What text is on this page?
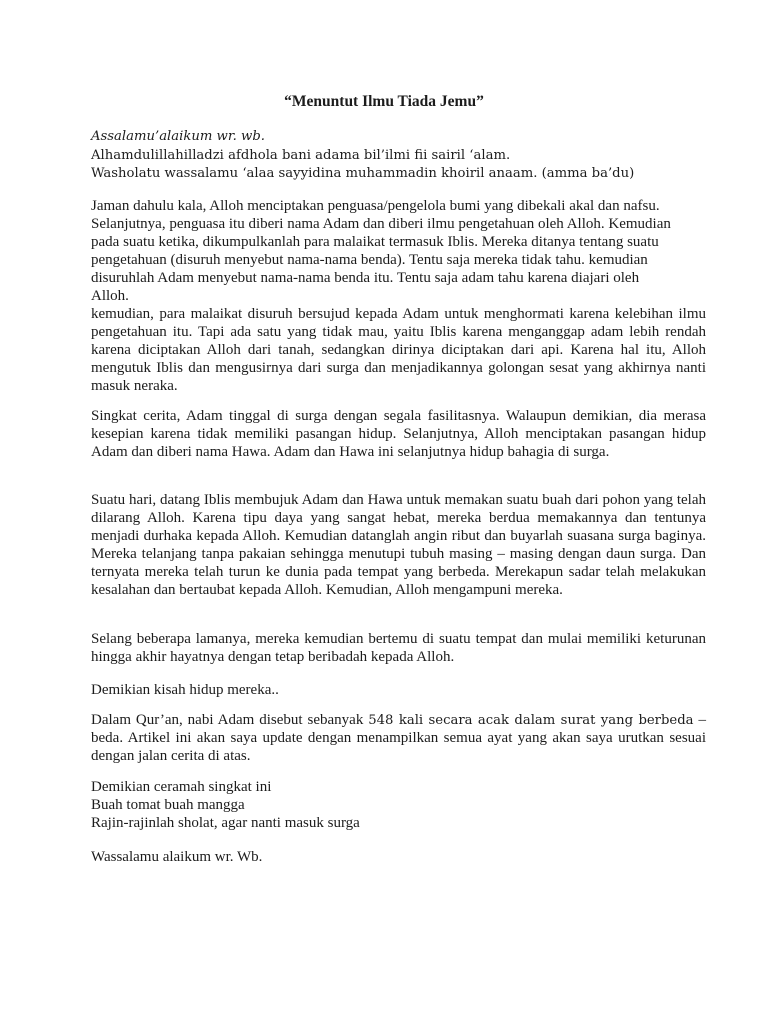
“Menuntut Ilmu Tiada Jemu”
Assalamu’alaikum wr. wb.
Alhamdulillahilladzi afdhola bani adama bil’ilmi fii sairil ‘alam.
Washolatu wassalamu ‘alaa sayyidina muhammadin khoiril anaam. (amma ba’du)
Jaman dahulu kala, Alloh menciptakan penguasa/pengelola bumi yang dibekali akal dan nafsu.
Selanjutnya, penguasa itu diberi nama Adam dan diberi ilmu pengetahuan oleh Alloh. Kemudian
pada suatu ketika, dikumpulkanlah para malaikat termasuk Iblis. Mereka ditanya tentang suatu
pengetahuan (disuruh menyebut nama-nama benda). Tentu saja mereka tidak tahu. kemudian
disuruhlah Adam menyebut nama-nama benda itu. Tentu saja adam tahu karena diajari oleh
Alloh.

kemudian, para malaikat disuruh bersujud kepada Adam untuk menghormati karena kelebihan ilmu pengetahuan itu. Tapi ada satu yang tidak mau, yaitu Iblis karena menganggap adam lebih rendah karena diciptakan Alloh dari tanah, sedangkan dirinya diciptakan dari api. Karena hal itu, Alloh mengutuk Iblis dan mengusirnya dari surga dan menjadikannya golongan sesat yang akhirnya nanti masuk neraka.

Singkat cerita, Adam tinggal di surga dengan segala fasilitasnya. Walaupun demikian, dia merasa kesepian karena tidak memiliki pasangan hidup. Selanjutnya, Alloh menciptakan pasangan hidup Adam dan diberi nama Hawa. Adam dan Hawa ini selanjutnya hidup bahagia di surga.

Suatu hari, datang Iblis membujuk Adam dan Hawa untuk memakan suatu buah dari pohon yang telah dilarang Alloh. Karena tipu daya yang sangat hebat, mereka berdua memakannya dan tentunya menjadi durhaka kepada Alloh. Kemudian datanglah angin ribut dan buyarlah suasana surga baginya. Mereka telanjang tanpa pakaian sehingga menutupi tubuh masing – masing dengan daun surga. Dan ternyata mereka telah turun ke dunia pada tempat yang berbeda. Merekapun sadar telah melakukan kesalahan dan bertaubat kepada Alloh. Kemudian, Alloh mengampuni mereka.

Selang beberapa lamanya, mereka kemudian bertemu di suatu tempat dan mulai memiliki keturunan hingga akhir hayatnya dengan tetap beribadah kepada Alloh.

Demikian kisah hidup mereka..

Dalam Qur’an, nabi Adam disebut sebanyak 548 kali secara acak dalam surat yang berbeda – beda. Artikel ini akan saya update dengan menampilkan semua ayat yang akan saya urutkan sesuai dengan jalan cerita di atas.

Demikian ceramah singkat ini
Buah tomat buah mangga
Rajin-rajinlah sholat, agar nanti masuk surga

Wassalamu alaikum wr. Wb.
